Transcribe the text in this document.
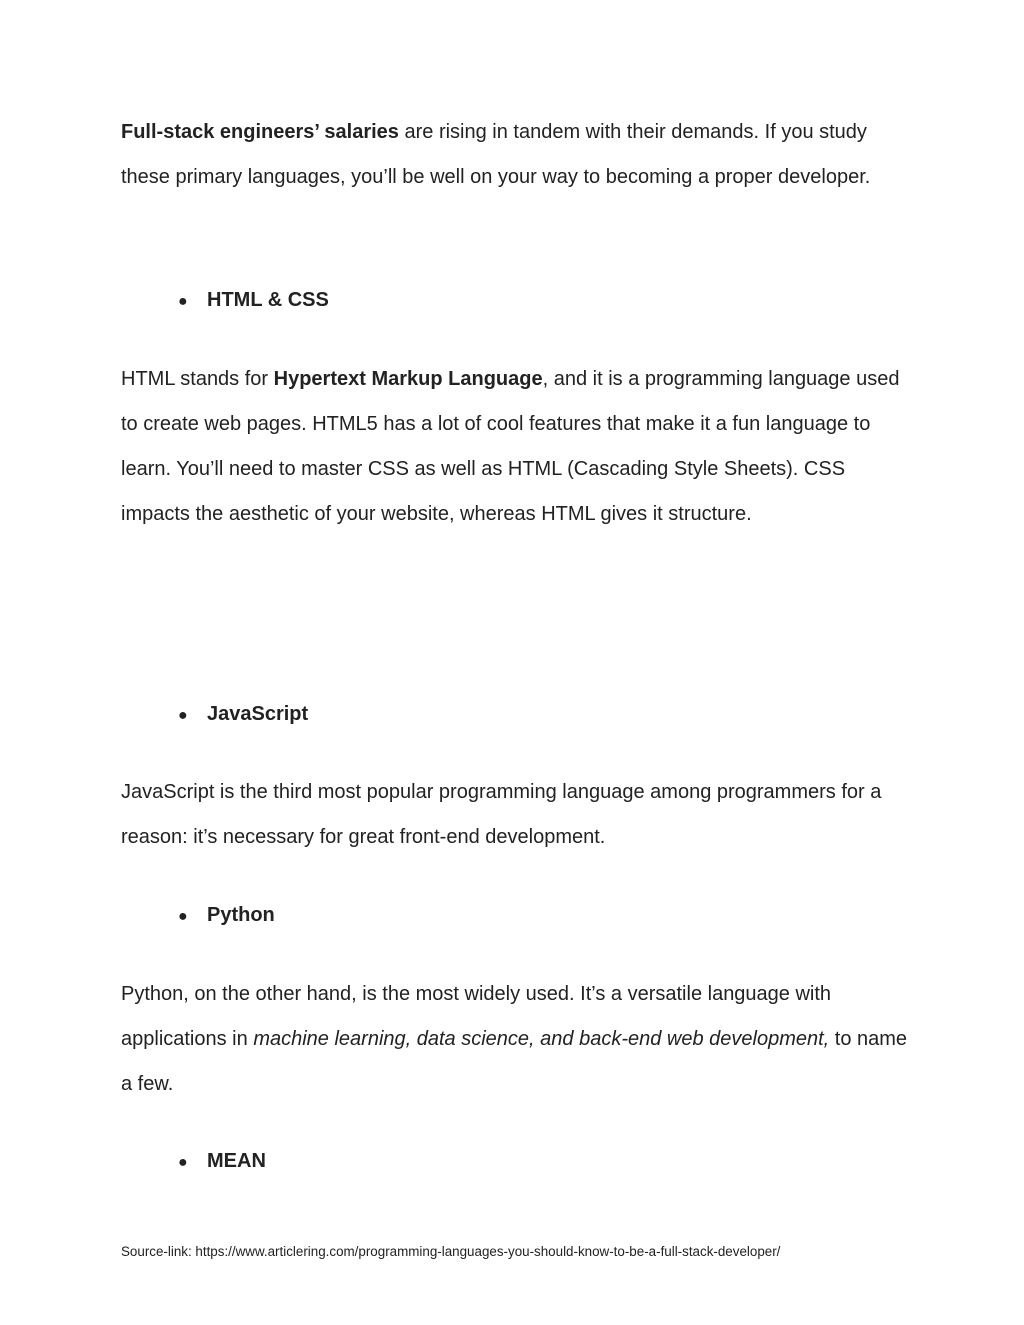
Full-stack engineers’ salaries are rising in tandem with their demands. If you study these primary languages, you’ll be well on your way to becoming a proper developer.

● HTML & CSS

HTML stands for Hypertext Markup Language, and it is a programming language used to create web pages. HTML5 has a lot of cool features that make it a fun language to learn. You’ll need to master CSS as well as HTML (Cascading Style Sheets). CSS impacts the aesthetic of your website, whereas HTML gives it structure.

● JavaScript

JavaScript is the third most popular programming language among programmers for a reason: it’s necessary for great front-end development.

● Python

Python, on the other hand, is the most widely used. It’s a versatile language with applications in machine learning, data science, and back-end web development, to name a few.

● MEAN

Source-link: https://www.articlering.com/programming-languages-you-should-know-to-be-a-full-stack-developer/
